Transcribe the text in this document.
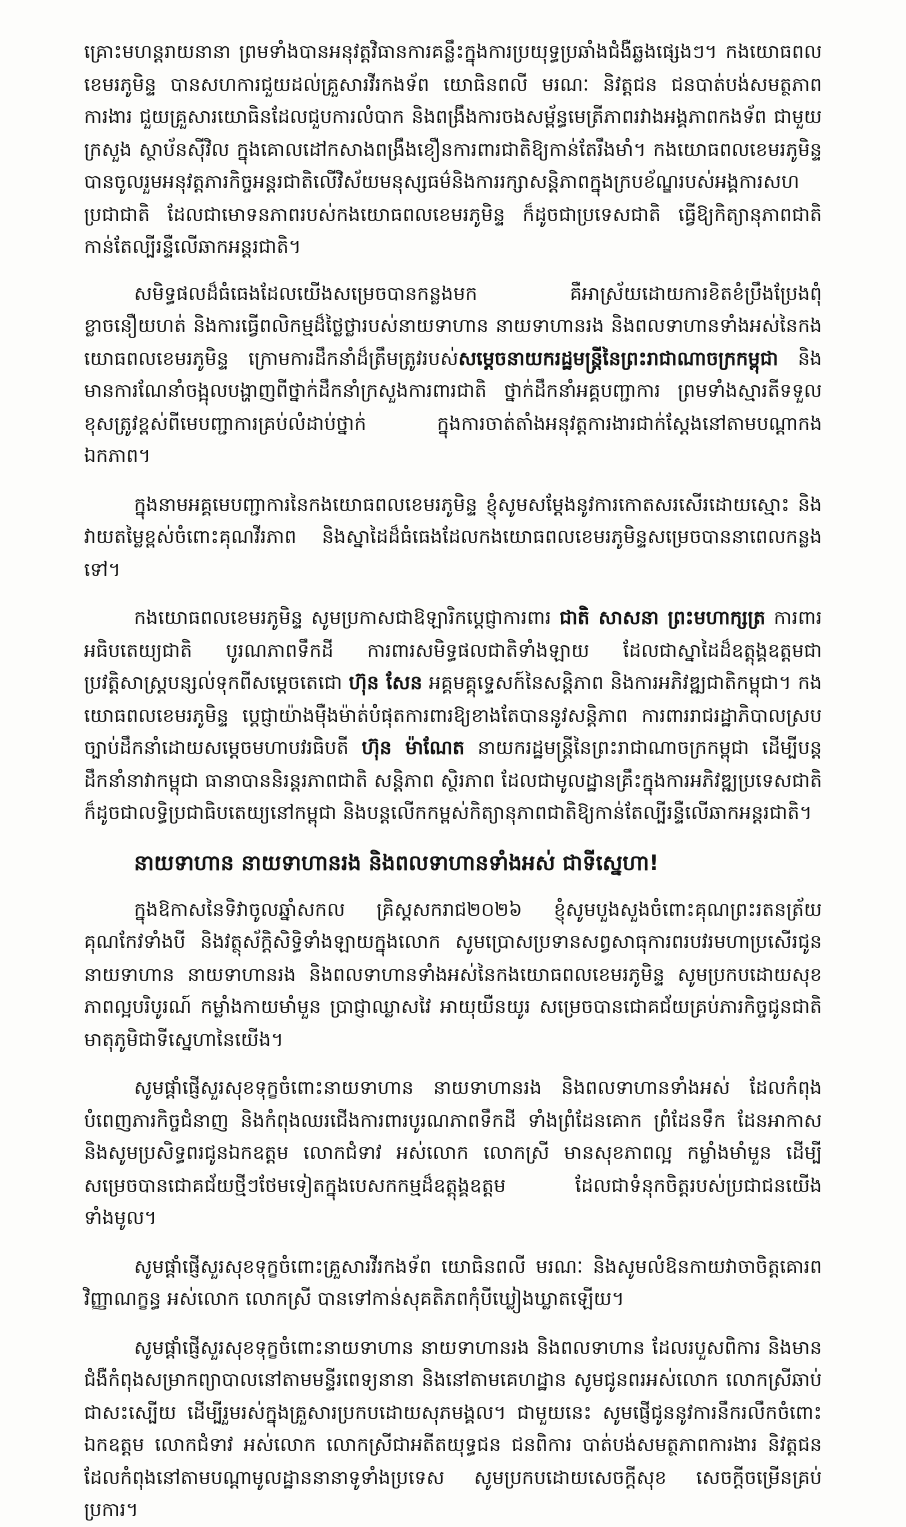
គ្រោះមហន្តរាយនានា ព្រមទាំងបានអនុវត្តវិធានការគន្លឹះក្នុងការប្រយុទ្ធប្រឆាំងជំងឺឆ្លងផ្សេងៗ។ កងយោធពលខេមរភូមិន្ទ បានសហការជួយដល់គ្រួសារវីរកងទ័ព យោធិនពលី មរណៈ និវត្តជន ជនបាត់បង់សមត្ថភាពការងារ ជួយគ្រួសារយោធិនដែលជួបការលំបាក និងពង្រឹងការចងសម្ព័ន្ធមេត្រីភាពរវាងអង្គភាពកងទ័ព ជាមួយក្រសួង ស្ថាប័នស៊ីវិល ក្នុងគោលដៅកសាងពង្រឹងខឿនការពារជាតិឱ្យកាន់តែរឹងមាំ។ កងយោធពលខេមរភូមិន្ទ បានចូលរួមអនុវត្តភារកិច្ចអន្តរជាតិលើវិស័យមនុស្សធម៌និងការរក្សាសន្តិភាពក្នុងក្របខ័ណ្ឌរបស់អង្គការសហប្រជាជាតិ ដែលជាមោទនភាពរបស់កងយោធពលខេមរភូមិន្ទ ក៏ដូចជាប្រទេសជាតិ ធ្វើឱ្យកិត្យានុភាពជាតិកាន់តែល្បីរន្ទឺលើឆាកអន្តរជាតិ។

សមិទ្ធផលដ៏ធំធេងដែលយើងសម្រេចបានកន្លងមក គឺអាស្រ័យដោយការខិតខំប្រឹងប្រែងពុំខ្លាចនឿយហត់ និងការធ្វើពលិកម្មដ៏ថ្លៃថ្លារបស់នាយទាហាន នាយទាហានរង និងពលទាហានទាំងអស់នៃកងយោធពលខេមរភូមិន្ទ ក្រោមការដឹកនាំដ៏ត្រឹមត្រូវរបស់សម្តេចនាយករដ្ឋមន្ត្រីនៃព្រះរាជាណាចក្រកម្ពុជា និងមានការណែនាំចង្អុលបង្ហាញពីថ្នាក់ដឹកនាំក្រសួងការពារជាតិ ថ្នាក់ដឹកនាំអគ្គបញ្ជាការ ព្រមទាំងស្មារតីទទួលខុសត្រូវខ្ពស់ពីមេបញ្ជាការគ្រប់លំដាប់ថ្នាក់ ក្នុងការចាត់តាំងអនុវត្តការងារជាក់ស្តែងនៅតាមបណ្តាកងឯកភាព។

ក្នុងនាមអគ្គមេបញ្ជាការនៃកងយោធពលខេមរភូមិន្ទ ខ្ញុំសូមសម្តែងនូវការកោតសរសើរដោយស្មោះ និងវាយតម្លៃខ្ពស់ចំពោះគុណវីរភាព និងស្នាដៃដ៏ធំធេងដែលកងយោធពលខេមរភូមិន្ទសម្រេចបាននាពេលកន្លងទៅ។

កងយោធពលខេមរភូមិន្ទ សូមប្រកាសជាឱឡារិកប្តេជ្ញាការពារ ជាតិ សាសនា ព្រះមហាក្សត្រ ការពារអធិបតេយ្យជាតិ បូរណភាពទឹកដី ការពារសមិទ្ធផលជាតិទាំងឡាយ ដែលជាស្នាដៃដ៏ឧត្តុង្គឧត្តមជាប្រវត្តិសាស្ត្របន្សល់ទុកពីសម្តេចតេជោ ហ៊ុន សែន អគ្គមគ្គុទ្ទេសក៍នៃសន្តិភាព និងការអភិវឌ្ឍជាតិកម្ពុជា។ កងយោធពលខេមរភូមិន្ទ ប្តេជ្ញាយ៉ាងម៉ឺងម៉ាត់បំផុតការពារឱ្យខាងតែបាននូវសន្តិភាព ការពាររាជរដ្ឋាភិបាលស្របច្បាប់ដឹកនាំដោយសម្តេចមហាបវរធិបតី ហ៊ុន ម៉ាណែត នាយករដ្ឋមន្ត្រីនៃព្រះរាជាណាចក្រកម្ពុជា ដើម្បីបន្តដឹកនាំនាវាកម្ពុជា ធានាបាននិរន្តរភាពជាតិ សន្តិភាព ស្ថិរភាព ដែលជាមូលដ្ឋានគ្រឹះក្នុងការអភិវឌ្ឍប្រទេសជាតិ ក៏ដូចជាលទ្ធិប្រជាធិបតេយ្យនៅកម្ពុជា និងបន្តលើកកម្ពស់កិត្យានុភាពជាតិឱ្យកាន់តែល្បីរន្ទឺលើឆាកអន្តរជាតិ។

នាយទាហាន នាយទាហានរង និងពលទាហានទាំងអស់ ជាទីស្នេហា!

ក្នុងឱកាសនៃទិវាចូលឆ្នាំសកល គ្រិស្តសករាជ២០២៦ ខ្ញុំសូមបួងសួងចំពោះគុណព្រះរតនត្រ័យគុណកែវទាំងបី និងវត្ថុស័ក្តិសិទ្ធិទាំងឡាយក្នុងលោក សូមប្រោសប្រទានសព្វសាធុការពរបវរមហាប្រសើរជូននាយទាហាន នាយទាហានរង និងពលទាហានទាំងអស់នៃកងយោធពលខេមរភូមិន្ទ សូមប្រកបដោយសុខភាពល្អបរិបូរណ៍ កម្លាំងកាយមាំមួន ប្រាជ្ញាឈ្លាសវៃ អាយុយឺនយូរ សម្រេចបានជោគជ័យគ្រប់ភារកិច្ចជូនជាតិមាតុភូមិជាទីស្នេហានៃយើង។

សូមផ្តាំផ្ញើសួរសុខទុក្ខចំពោះនាយទាហាន នាយទាហានរង និងពលទាហានទាំងអស់ ដែលកំពុងបំពេញភារកិច្ចជំនាញ និងកំពុងឈរជើងការពារបូរណភាពទឹកដី ទាំងព្រំដែនគោក ព្រំដែនទឹក ដែនអាកាស និងសូមប្រសិទ្ធពរជូនឯកឧត្តម លោកជំទាវ អស់លោក លោកស្រី មានសុខភាពល្អ កម្លាំងមាំមួន ដើម្បីសម្រេចបានជោគជ័យថ្មីៗថែមទៀតក្នុងបេសកកម្មដ៏ឧត្តុង្គឧត្តម ដែលជាទំនុកចិត្តរបស់ប្រជាជនយើងទាំងមូល។

សូមផ្តាំផ្ញើសួរសុខទុក្ខចំពោះគ្រួសារវីរកងទ័ព យោធិនពលី មរណៈ និងសូមលំឱនកាយវាចាចិត្តគោរពវិញ្ញាណក្ខន្ធ អស់លោក លោកស្រី បានទៅកាន់សុគតិភពកុំបីឃ្លៀងឃ្លាតឡើយ។

សូមផ្តាំផ្ញើសួរសុខទុក្ខចំពោះនាយទាហាន នាយទាហានរង និងពលទាហាន ដែលរបួសពិការ និងមានជំងឺកំពុងសម្រាកព្យាបាលនៅតាមមន្ទីរពេទ្យនានា និងនៅតាមគេហដ្ឋាន សូមជូនពរអស់លោក លោកស្រីឆាប់ជាសះស្បើយ ដើម្បីរួមរស់ក្នុងគ្រួសារប្រកបដោយសុភមង្គល។ ជាមួយនេះ សូមផ្ញើជូននូវការនឹករលឹកចំពោះឯកឧត្តម លោកជំទាវ អស់លោក លោកស្រីជាអតីតយុទ្ធជន ជនពិការ បាត់បង់សមត្ថភាពការងារ និវត្តជន ដែលកំពុងនៅតាមបណ្តាមូលដ្ឋាននានាទូទាំងប្រទេស សូមប្រកបដោយសេចក្តីសុខ សេចក្តីចម្រើនគ្រប់ប្រការ។
